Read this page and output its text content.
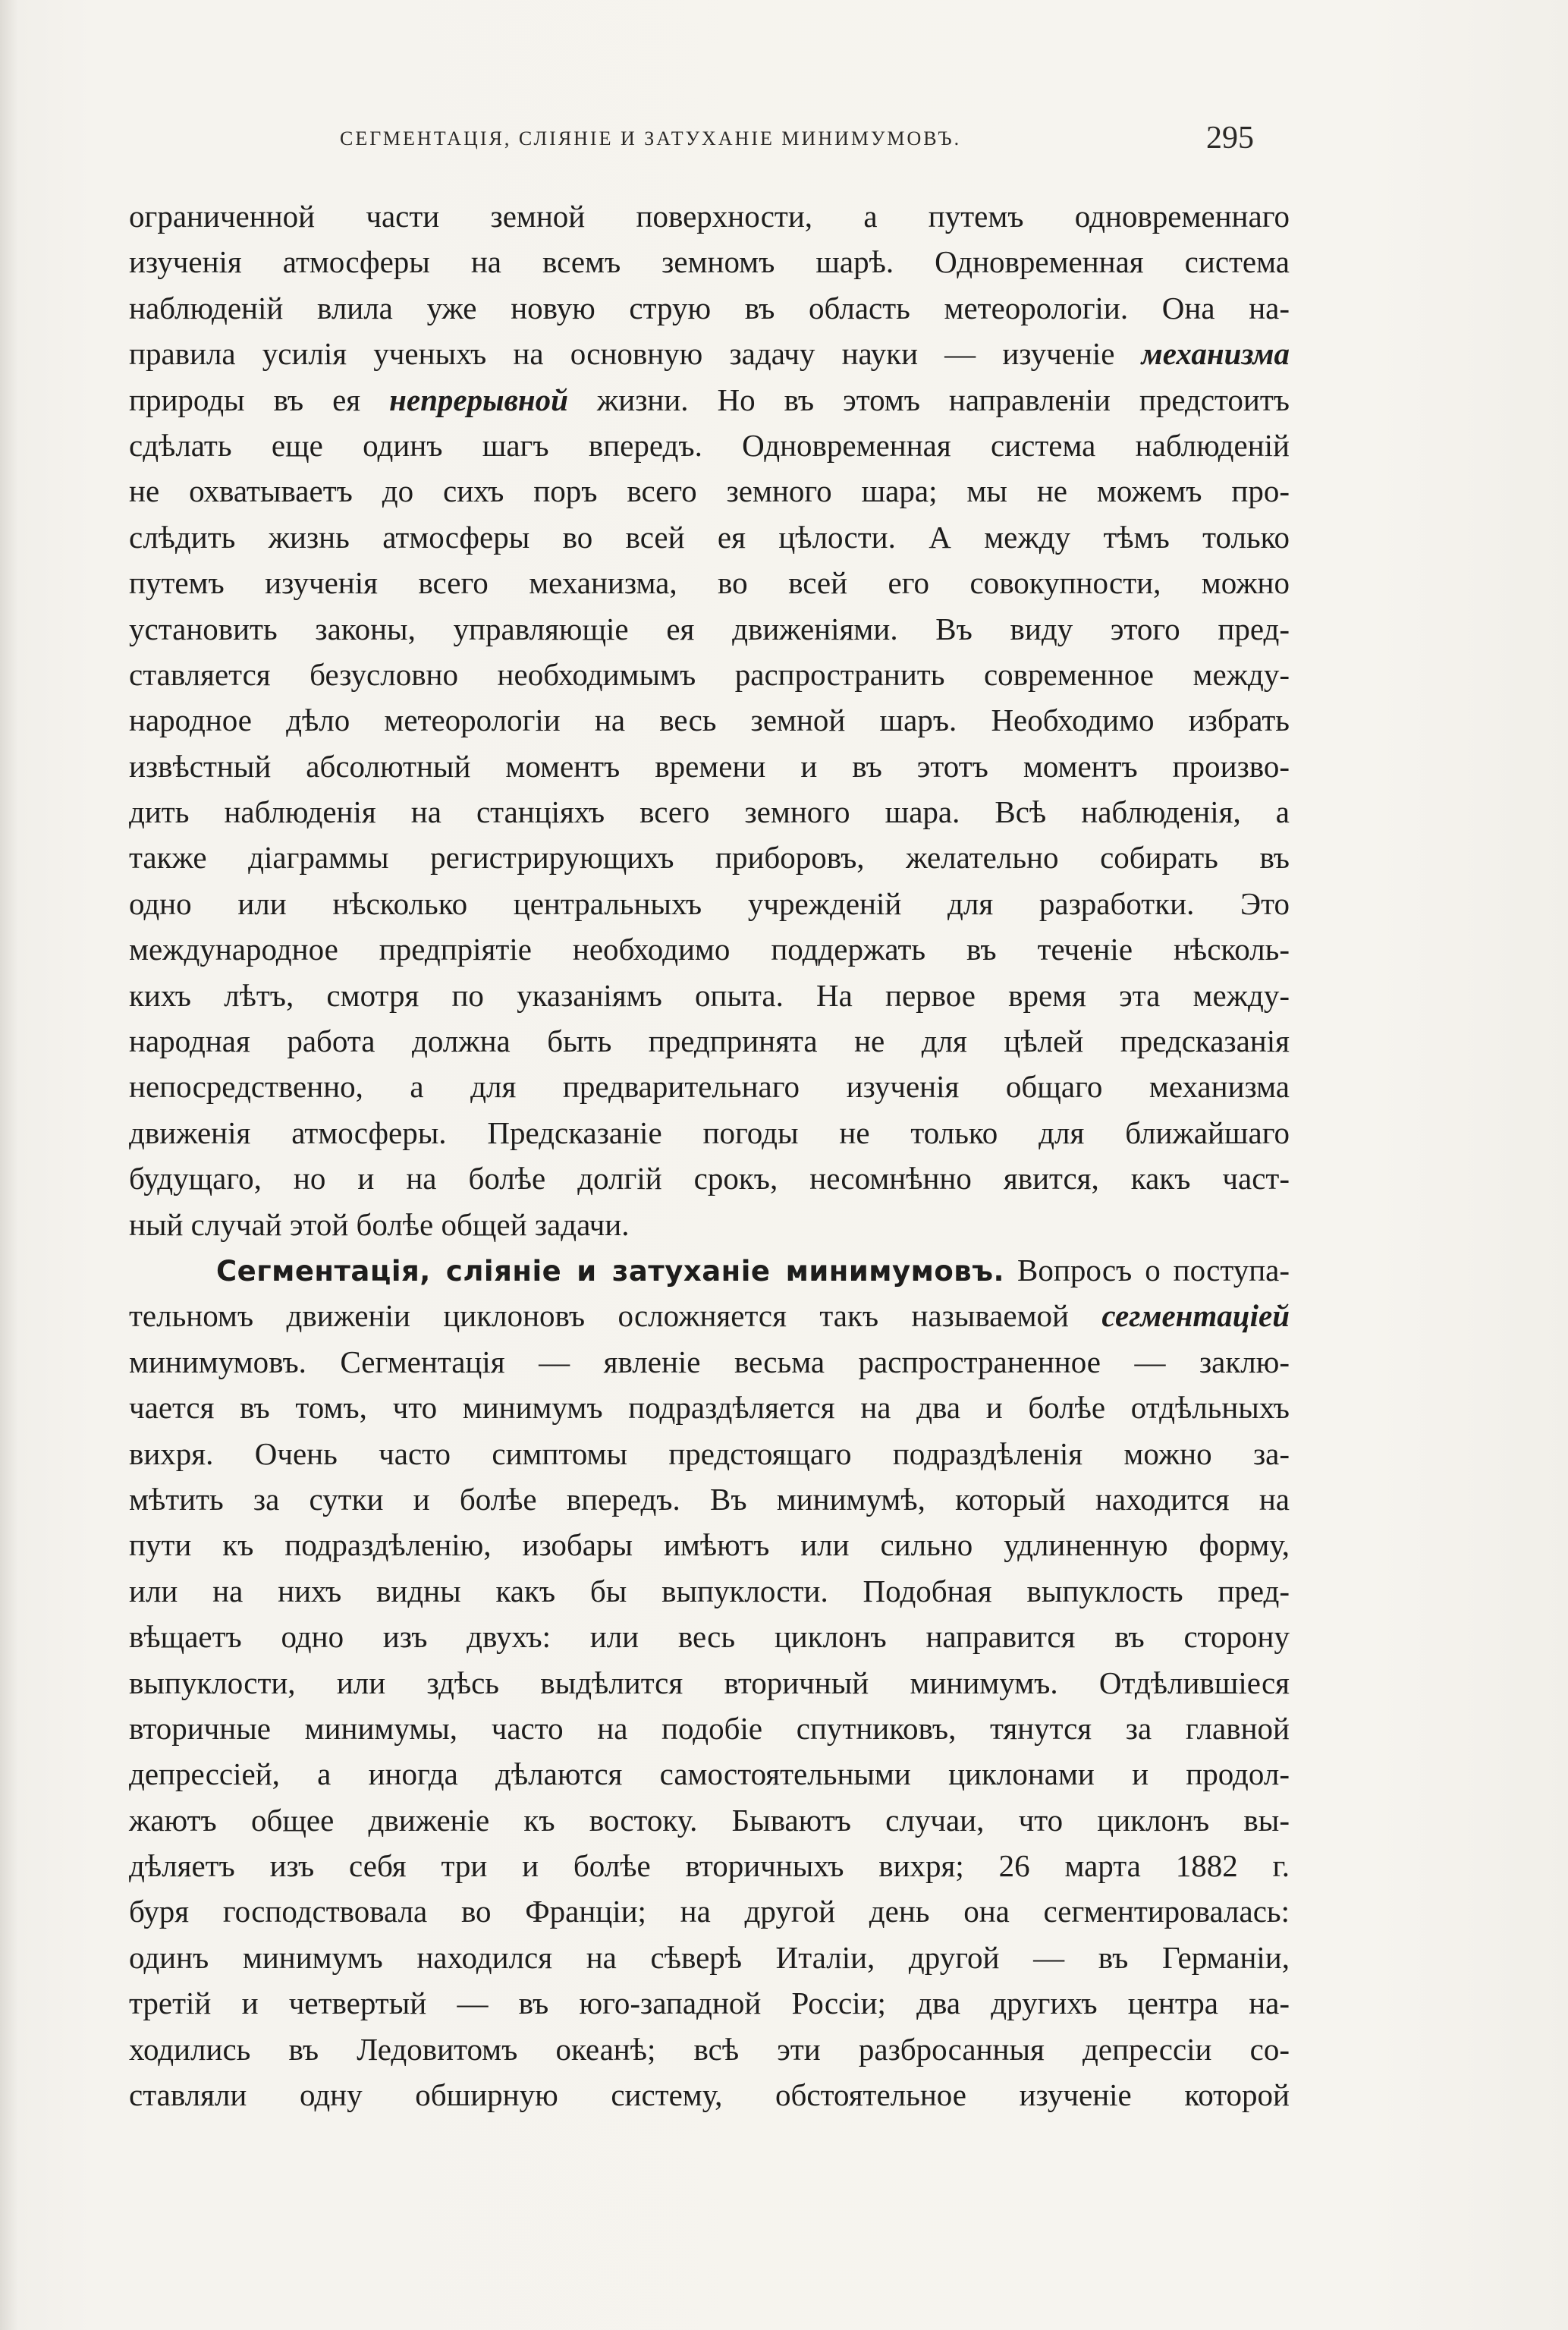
СЕГМЕНТАЦІЯ, СЛІЯНІЕ И ЗАТУХАНІЕ МИНИМУМОВЪ.	295
ограниченной части земной поверхности, а путемъ одновременнаго
изученія атмосферы на всемъ земномъ шарѣ. Одновременная система
наблюденій влила уже новую струю въ область метеорологіи. Она на-
правила усилія ученыхъ на основную задачу науки — изученіе механизма
природы въ ея непрерывной жизни. Но въ этомъ направленіи предстоитъ
сдѣлать еще одинъ шагъ впередъ. Одновременная система наблюденій
не охватываетъ до сихъ поръ всего земного шара; мы не можемъ про-
слѣдить жизнь атмосферы во всей ея цѣлости. А между тѣмъ только
путемъ изученія всего механизма, во всей его совокупности, можно
установить законы, управляющіе ея движеніями. Въ виду этого пред-
ставляется безусловно необходимымъ распространить современное между-
народное дѣло метеорологіи на весь земной шаръ. Необходимо избрать
извѣстный абсолютный моментъ времени и въ этотъ моментъ произво-
дить наблюденія на станціяхъ всего земного шара. Всѣ наблюденія, а
также діаграммы регистрирующихъ приборовъ, желательно собирать въ
одно или нѣсколько центральныхъ учрежденій для разработки. Это
международное предпріятіе необходимо поддержать въ теченіе нѣсколь-
кихъ лѣтъ, смотря по указаніямъ опыта. На первое время эта между-
народная работа должна быть предпринята не для цѣлей предсказанія
непосредственно, а для предварительнаго изученія общаго механизма
движенія атмосферы. Предсказаніе погоды не только для ближайшаго
будущаго, но и на болѣе долгій срокъ, несомнѣнно явится, какъ част-
ный случай этой болѣе общей задачи.
Сегментація, сліяніе и затуханіе минимумовъ. Вопросъ о поступа-
тельномъ движеніи циклоновъ осложняется такъ называемой сегментаціей
минимумовъ. Сегментація — явленіе весьма распространенное — заклю-
чается въ томъ, что минимумъ подраздѣляется на два и болѣе отдѣльныхъ
вихря. Очень часто симптомы предстоящаго подраздѣленія можно за-
мѣтить за сутки и болѣе впередъ. Въ минимумѣ, который находится на
пути къ подраздѣленію, изобары имѣютъ или сильно удлиненную форму,
или на нихъ видны какъ бы выпуклости. Подобная выпуклость пред-
вѣщаетъ одно изъ двухъ: или весь циклонъ направится въ сторону
выпуклости, или здѣсь выдѣлится вторичный минимумъ. Отдѣлившіеся
вторичные минимумы, часто на подобіе спутниковъ, тянутся за главной
депрессіей, а иногда дѣлаются самостоятельными циклонами и продол-
жаютъ общее движеніе къ востоку. Бываютъ случаи, что циклонъ вы-
дѣляетъ изъ себя три и болѣе вторичныхъ вихря; 26 марта 1882 г.
буря господствовала во Франціи; на другой день она сегментировалась:
одинъ минимумъ находился на сѣверѣ Италіи, другой — въ Германіи,
третій и четвертый — въ юго-западной Россіи; два другихъ центра на-
ходились въ Ледовитомъ океанѣ; всѣ эти разбросанныя депрессіи со-
ставляли одну обширную систему, обстоятельное изученіе которой
